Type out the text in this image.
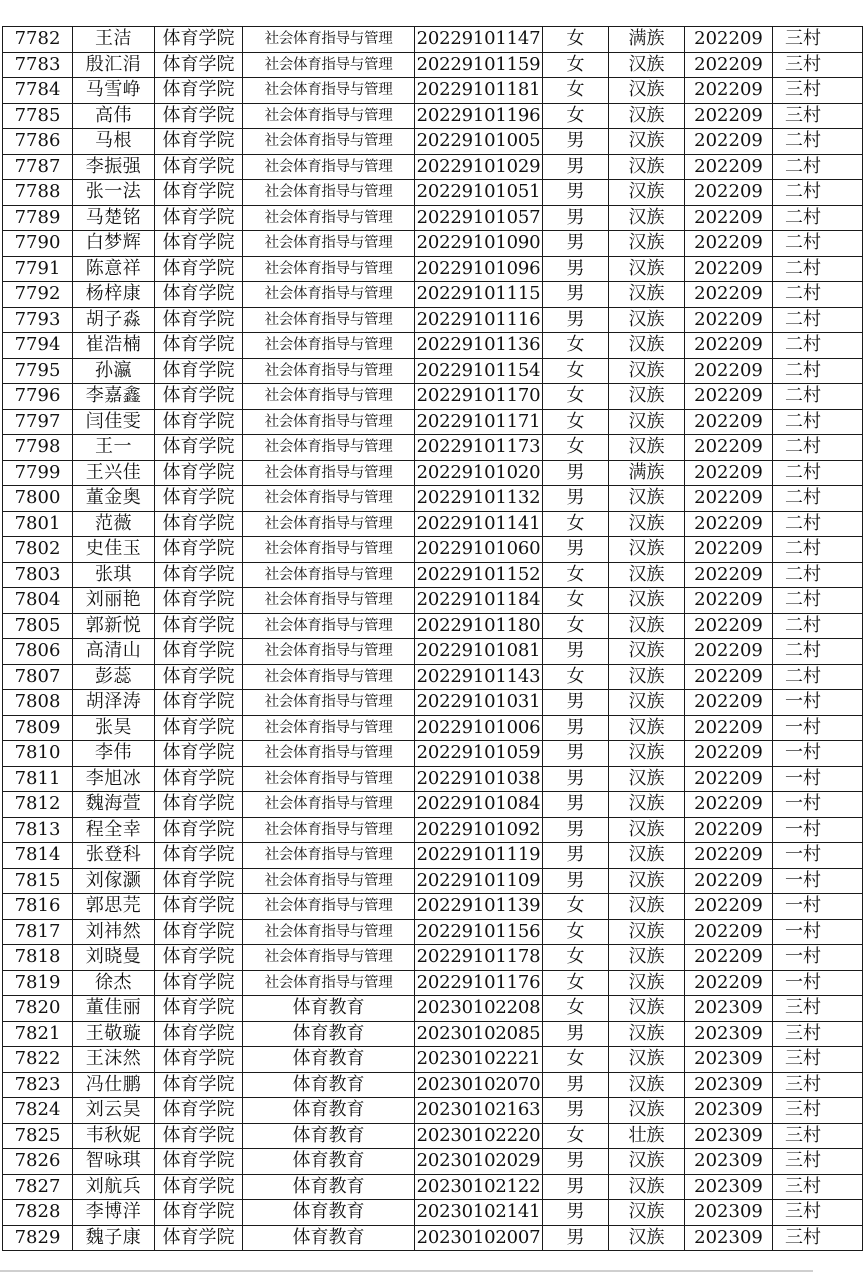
7782	王洁	体育学院	社会体育指导与管理	20229101147	女	满族	202209	三村
7783	殷汇涓	体育学院	社会体育指导与管理	20229101159	女	汉族	202209	三村
7784	马雪峥	体育学院	社会体育指导与管理	20229101181	女	汉族	202209	三村
7785	高伟	体育学院	社会体育指导与管理	20229101196	女	汉族	202209	三村
7786	马根	体育学院	社会体育指导与管理	20229101005	男	汉族	202209	二村
7787	李振强	体育学院	社会体育指导与管理	20229101029	男	汉族	202209	二村
7788	张一法	体育学院	社会体育指导与管理	20229101051	男	汉族	202209	二村
7789	马楚铭	体育学院	社会体育指导与管理	20229101057	男	汉族	202209	二村
7790	白梦辉	体育学院	社会体育指导与管理	20229101090	男	汉族	202209	二村
7791	陈意祥	体育学院	社会体育指导与管理	20229101096	男	汉族	202209	二村
7792	杨梓康	体育学院	社会体育指导与管理	20229101115	男	汉族	202209	二村
7793	胡子淼	体育学院	社会体育指导与管理	20229101116	男	汉族	202209	二村
7794	崔浩楠	体育学院	社会体育指导与管理	20229101136	女	汉族	202209	二村
7795	孙瀛	体育学院	社会体育指导与管理	20229101154	女	汉族	202209	二村
7796	李嘉鑫	体育学院	社会体育指导与管理	20229101170	女	汉族	202209	二村
7797	闫佳雯	体育学院	社会体育指导与管理	20229101171	女	汉族	202209	二村
7798	王一	体育学院	社会体育指导与管理	20229101173	女	汉族	202209	二村
7799	王兴佳	体育学院	社会体育指导与管理	20229101020	男	满族	202209	二村
7800	董金奥	体育学院	社会体育指导与管理	20229101132	男	汉族	202209	二村
7801	范薇	体育学院	社会体育指导与管理	20229101141	女	汉族	202209	二村
7802	史佳玉	体育学院	社会体育指导与管理	20229101060	男	汉族	202209	二村
7803	张琪	体育学院	社会体育指导与管理	20229101152	女	汉族	202209	二村
7804	刘丽艳	体育学院	社会体育指导与管理	20229101184	女	汉族	202209	二村
7805	郭新悦	体育学院	社会体育指导与管理	20229101180	女	汉族	202209	二村
7806	高清山	体育学院	社会体育指导与管理	20229101081	男	汉族	202209	二村
7807	彭蕊	体育学院	社会体育指导与管理	20229101143	女	汉族	202209	二村
7808	胡泽涛	体育学院	社会体育指导与管理	20229101031	男	汉族	202209	一村
7809	张昊	体育学院	社会体育指导与管理	20229101006	男	汉族	202209	一村
7810	李伟	体育学院	社会体育指导与管理	20229101059	男	汉族	202209	一村
7811	李旭冰	体育学院	社会体育指导与管理	20229101038	男	汉族	202209	一村
7812	魏海萱	体育学院	社会体育指导与管理	20229101084	男	汉族	202209	一村
7813	程全幸	体育学院	社会体育指导与管理	20229101092	男	汉族	202209	一村
7814	张登科	体育学院	社会体育指导与管理	20229101119	男	汉族	202209	一村
7815	刘傢灏	体育学院	社会体育指导与管理	20229101109	男	汉族	202209	一村
7816	郭思芫	体育学院	社会体育指导与管理	20229101139	女	汉族	202209	一村
7817	刘祎然	体育学院	社会体育指导与管理	20229101156	女	汉族	202209	一村
7818	刘晓曼	体育学院	社会体育指导与管理	20229101178	女	汉族	202209	一村
7819	徐杰	体育学院	社会体育指导与管理	20229101176	女	汉族	202209	一村
7820	董佳丽	体育学院	体育教育	20230102208	女	汉族	202309	三村
7821	王敬璇	体育学院	体育教育	20230102085	男	汉族	202309	三村
7822	王沫然	体育学院	体育教育	20230102221	女	汉族	202309	三村
7823	冯仕鹏	体育学院	体育教育	20230102070	男	汉族	202309	三村
7824	刘云昊	体育学院	体育教育	20230102163	男	汉族	202309	三村
7825	韦秋妮	体育学院	体育教育	20230102220	女	壮族	202309	三村
7826	智咏琪	体育学院	体育教育	20230102029	男	汉族	202309	三村
7827	刘航兵	体育学院	体育教育	20230102122	男	汉族	202309	三村
7828	李博洋	体育学院	体育教育	20230102141	男	汉族	202309	三村
7829	魏子康	体育学院	体育教育	20230102007	男	汉族	202309	三村
